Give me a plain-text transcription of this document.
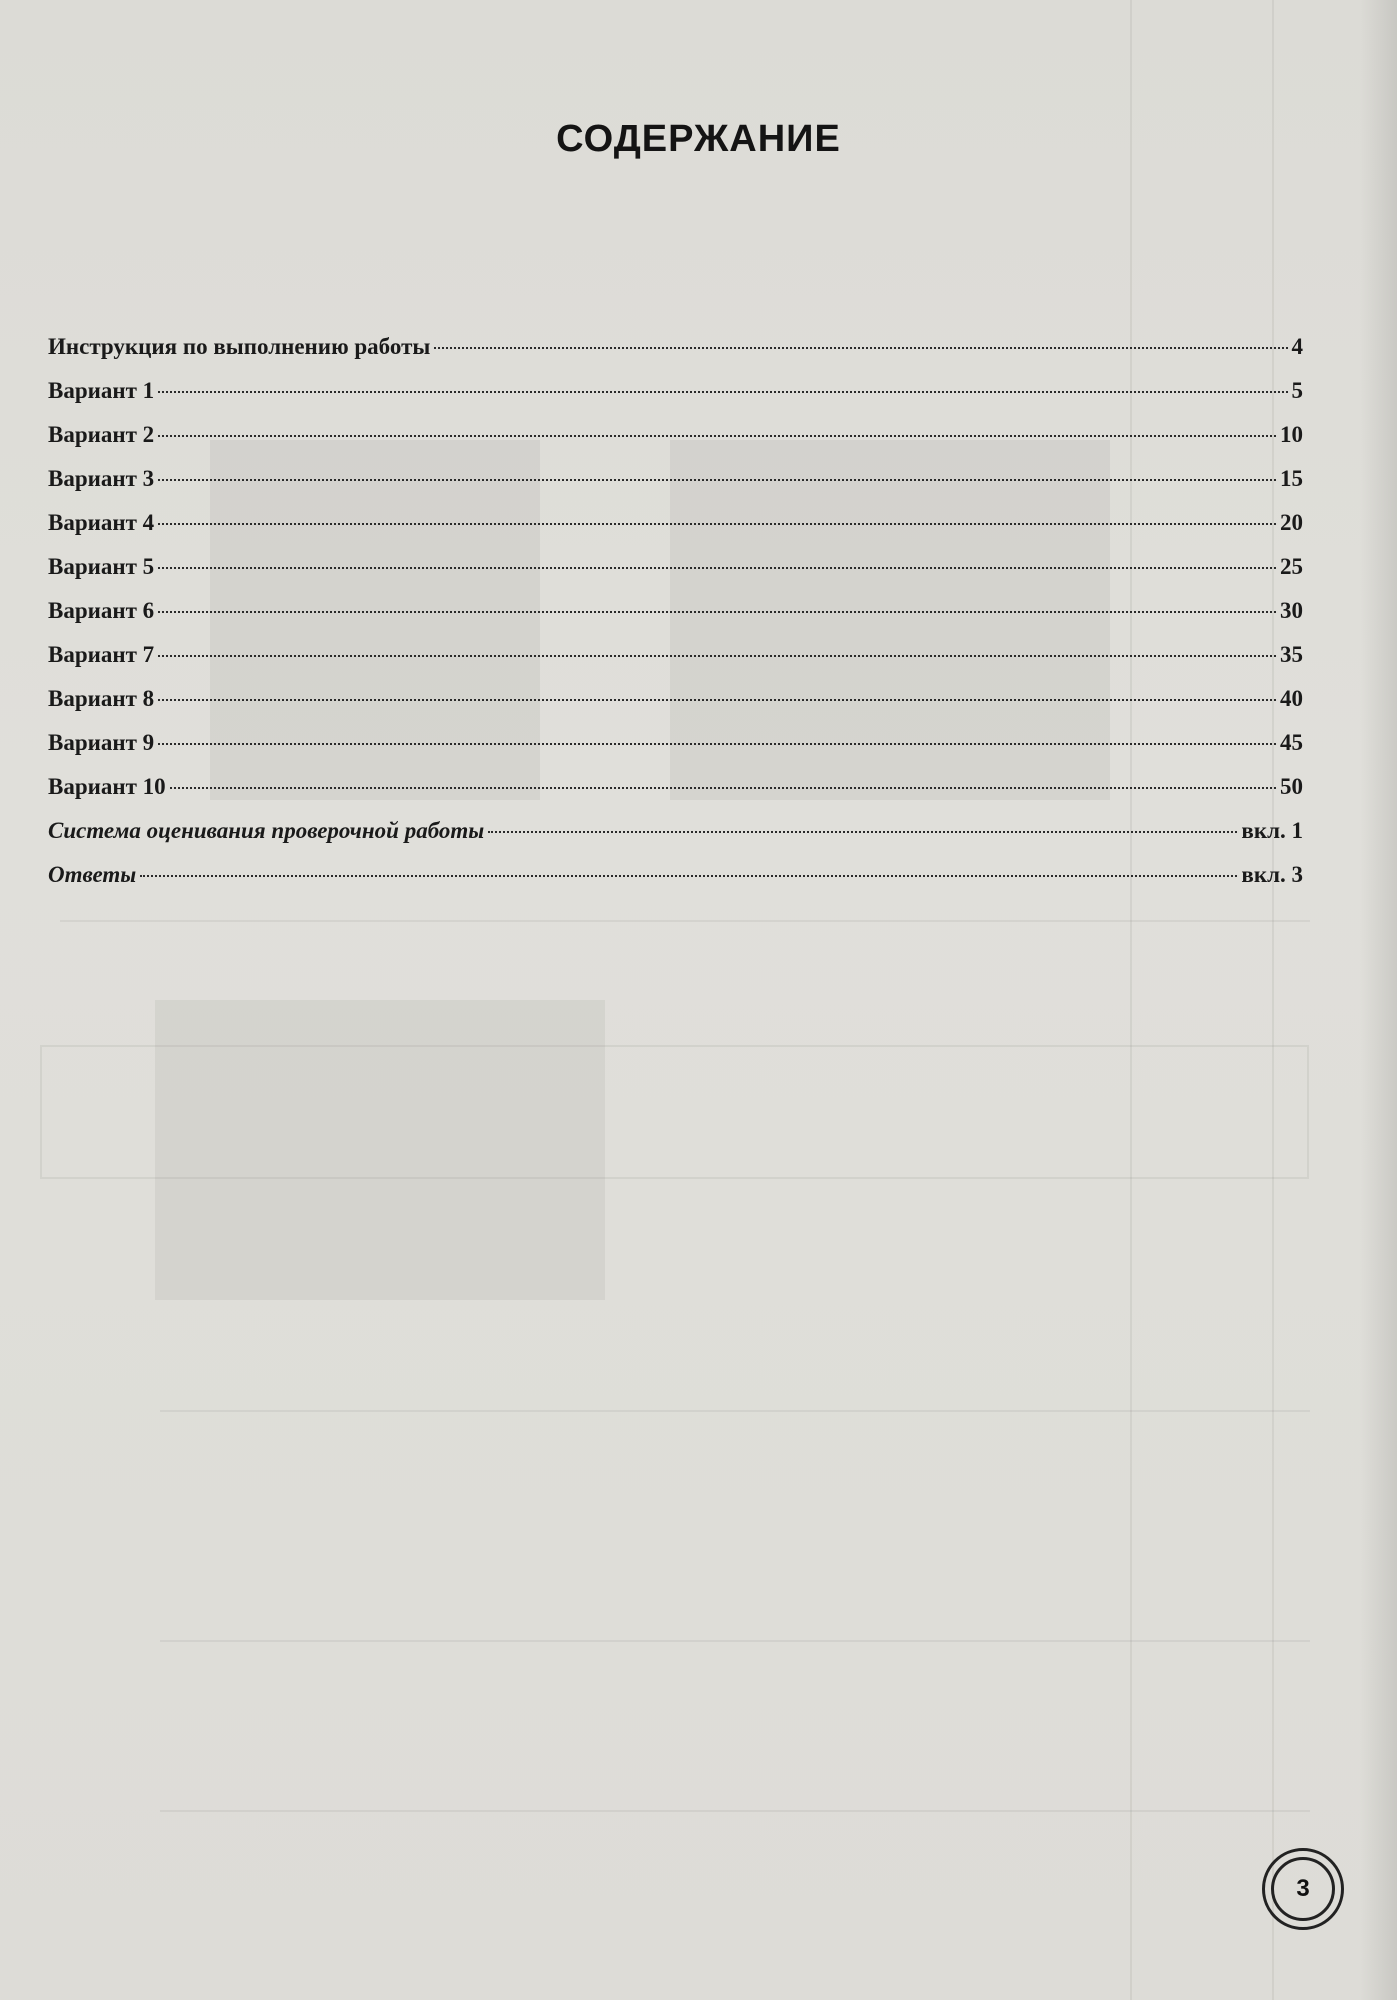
СОДЕРЖАНИЕ
Инструкция по выполнению работы	4
Вариант 1	5
Вариант 2	10
Вариант 3	15
Вариант 4	20
Вариант 5	25
Вариант 6	30
Вариант 7	35
Вариант 8	40
Вариант 9	45
Вариант 10	50
Система оценивания проверочной работы	вкл. 1
Ответы	вкл. 3
3
